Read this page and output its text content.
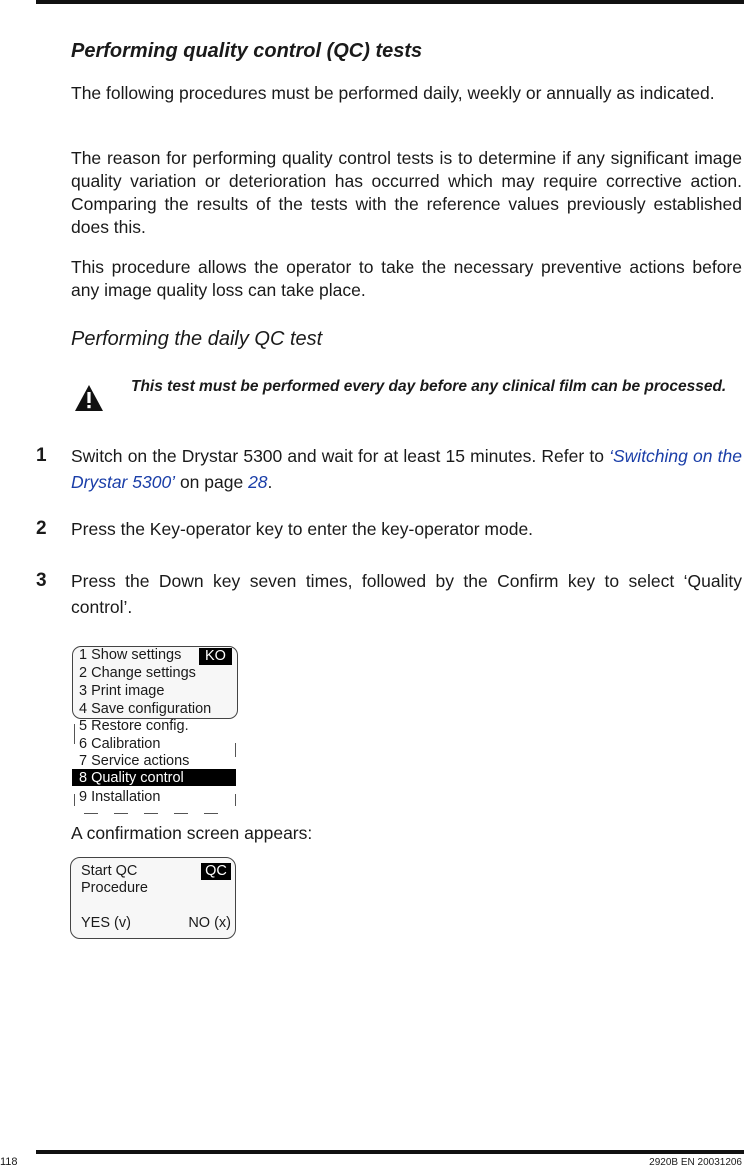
Performing quality control (QC) tests
The following procedures must be performed daily, weekly or annually as indicated.
The reason for performing quality control tests is to determine if any significant image quality variation or deterioration has occurred which may require corrective action. Comparing the results of the tests with the reference values previously established does this.
This procedure allows the operator to take the necessary preventive actions before any image quality loss can take place.
Performing the daily QC test
This test must be performed every day before any clinical film can be processed.
1 Switch on the Drystar 5300 and wait for at least 15 minutes. Refer to ‘Switching on the Drystar 5300’ on page 28.
2 Press the Key-operator key to enter the key-operator mode.
3 Press the Down key seven times, followed by the Confirm key to select ‘Quality control’.
KO
1 Show settings
2 Change settings
3 Print image
4 Save configuration
5 Restore config.
6 Calibration
7 Service actions
8 Quality control
9 Installation
A confirmation screen appears:
QC
Start QC
Procedure
YES (v)	NO (x)
118	2920B EN 20031206
